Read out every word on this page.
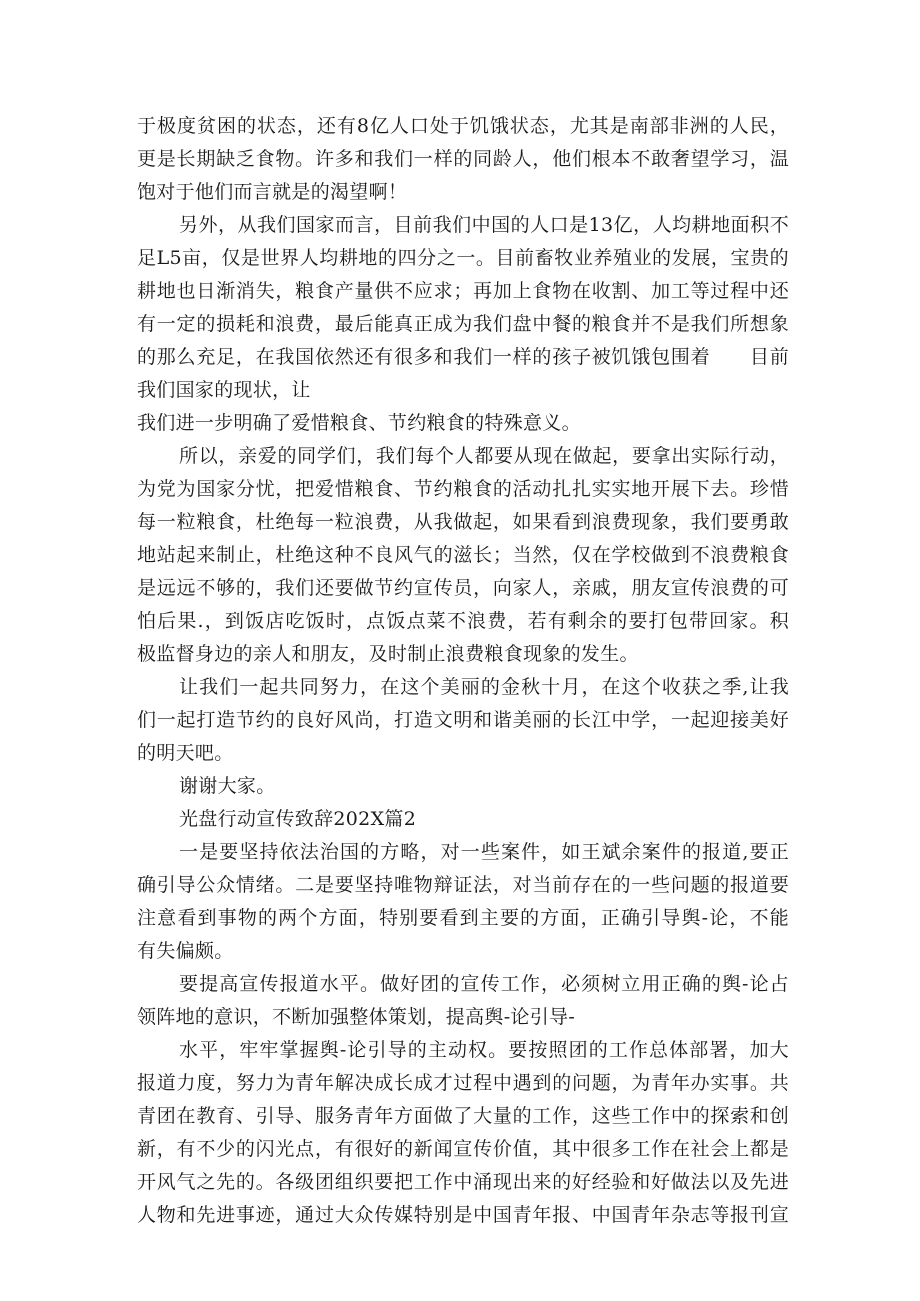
于极度贫困的状态，还有8亿人口处于饥饿状态，尤其是南部非洲的人民，
更是长期缺乏食物。许多和我们一样的同龄人，他们根本不敢奢望学习，温
饱对于他们而言就是的渴望啊！
另外，从我们国家而言，目前我们中国的人口是13亿，人均耕地面积不
足L5亩，仅是世界人均耕地的四分之一。目前畜牧业养殖业的发展，宝贵的
耕地也日渐消失，粮食产量供不应求；再加上食物在收割、加工等过程中还
有一定的损耗和浪费，最后能真正成为我们盘中餐的粮食并不是我们所想象
的那么充足，在我国依然还有很多和我们一样的孩子被饥饿包围着　　目前
我们国家的现状，让
我们进一步明确了爱惜粮食、节约粮食的特殊意义。
所以，亲爱的同学们，我们每个人都要从现在做起，要拿出实际行动，
为党为国家分忧，把爱惜粮食、节约粮食的活动扎扎实实地开展下去。珍惜
每一粒粮食，杜绝每一粒浪费，从我做起，如果看到浪费现象，我们要勇敢
地站起来制止，杜绝这种不良风气的滋长；当然，仅在学校做到不浪费粮食
是远远不够的，我们还要做节约宣传员，向家人，亲戚，朋友宣传浪费的可
怕后果.，到饭店吃饭时，点饭点菜不浪费，若有剩余的要打包带回家。积
极监督身边的亲人和朋友，及时制止浪费粮食现象的发生。
让我们一起共同努力，在这个美丽的金秋十月，在这个收获之季,让我
们一起打造节约的良好风尚，打造文明和谐美丽的长江中学，一起迎接美好
的明天吧。
谢谢大家。
光盘行动宣传致辞202X篇2
一是要坚持依法治国的方略，对一些案件，如王斌余案件的报道,要正
确引导公众情绪。二是要坚持唯物辩证法，对当前存在的一些问题的报道要
注意看到事物的两个方面，特别要看到主要的方面，正确引导舆-论，不能
有失偏颇。
要提高宣传报道水平。做好团的宣传工作，必须树立用正确的舆-论占
领阵地的意识，不断加强整体策划，提高舆-论引导-
水平，牢牢掌握舆-论引导的主动权。要按照团的工作总体部署，加大
报道力度，努力为青年解决成长成才过程中遇到的问题，为青年办实事。共
青团在教育、引导、服务青年方面做了大量的工作，这些工作中的探索和创
新，有不少的闪光点，有很好的新闻宣传价值，其中很多工作在社会上都是
开风气之先的。各级团组织要把工作中涌现出来的好经验和好做法以及先进
人物和先进事迹，通过大众传媒特别是中国青年报、中国青年杂志等报刊宣
